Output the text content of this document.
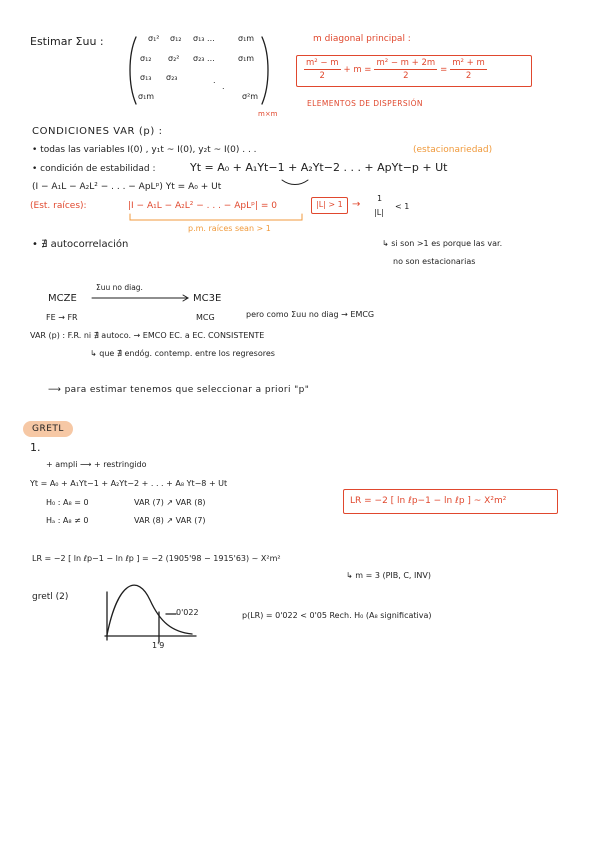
Estimar Σuu :	σ₁² σ₁₂ σ₁₃ ...	σ₁m
σ₁₂ σ₂² σ₂₃ ...	σ₁m
σ₁₃ σ₂₃	.
.
σ₁m	σ²m
m×m
m diagonal principal :
$\frac{\text{m² − m}}{2} + m = \frac{\text{m² − m + 2m}}{2} = \frac{\text{m² + m}}{2}$
ELEMENTOS DE DISPERSIÓN
CONDICIONES VAR (p) :
• todas las variables I(0) , y₁t ~ I(0), y₂t ~ I(0) . . .	(estacionariedad)
• condición de estabilidad :	Yt = A₀ + A₁Yt−1 + A₂Yt−2 . . . + ApYt−p + Ut
(I − A₁L − A₂L² − . . . − ApLᵖ) Yt = A₀ + Ut
(Est. raíces):	|I − A₁L − A₂L² − . . . − ApLᵖ| = 0	|L| > 1 →
1
|L|
< 1
p.m. raíces sean > 1
• ∄ autocorrelación	↳ si son >1 es porque las var.
no son estacionarias
MCZE
Σuu no diag.
MC3E
FE → FR	MCG	pero como Σuu no diag → EMCG
VAR (p) : F.R. ni ∄ autoco. → EMCO EC. a EC. CONSISTENTE
↳ que ∄ endóg. contemp. entre los regresores
⟶ para estimar tenemos que seleccionar a priori "p"
GRETL
1.
+ ampli ⟶ + restringido
Yt = A₀ + A₁Yt−1 + A₂Yt−2 + . . . + A₈ Yt−8 + Ut
H₀ : A₈ = 0	VAR (7) ↗ VAR (8)
Hₐ : A₈ ≠ 0	VAR (8) ↗ VAR (7)
LR = −2 [ ln ℓp−1 − ln ℓp ] ~ X²m²
LR = −2 [ ln ℓp−1 − ln ℓp ] = −2 (1905'98 − 1915'63) ~ X²m²
↳ m = 3 (PIB, C, INV)
gretl (2)
0'022
1'9
p(LR) = 0'022 < 0'05 Rech. H₀ (A₈ significativa)
